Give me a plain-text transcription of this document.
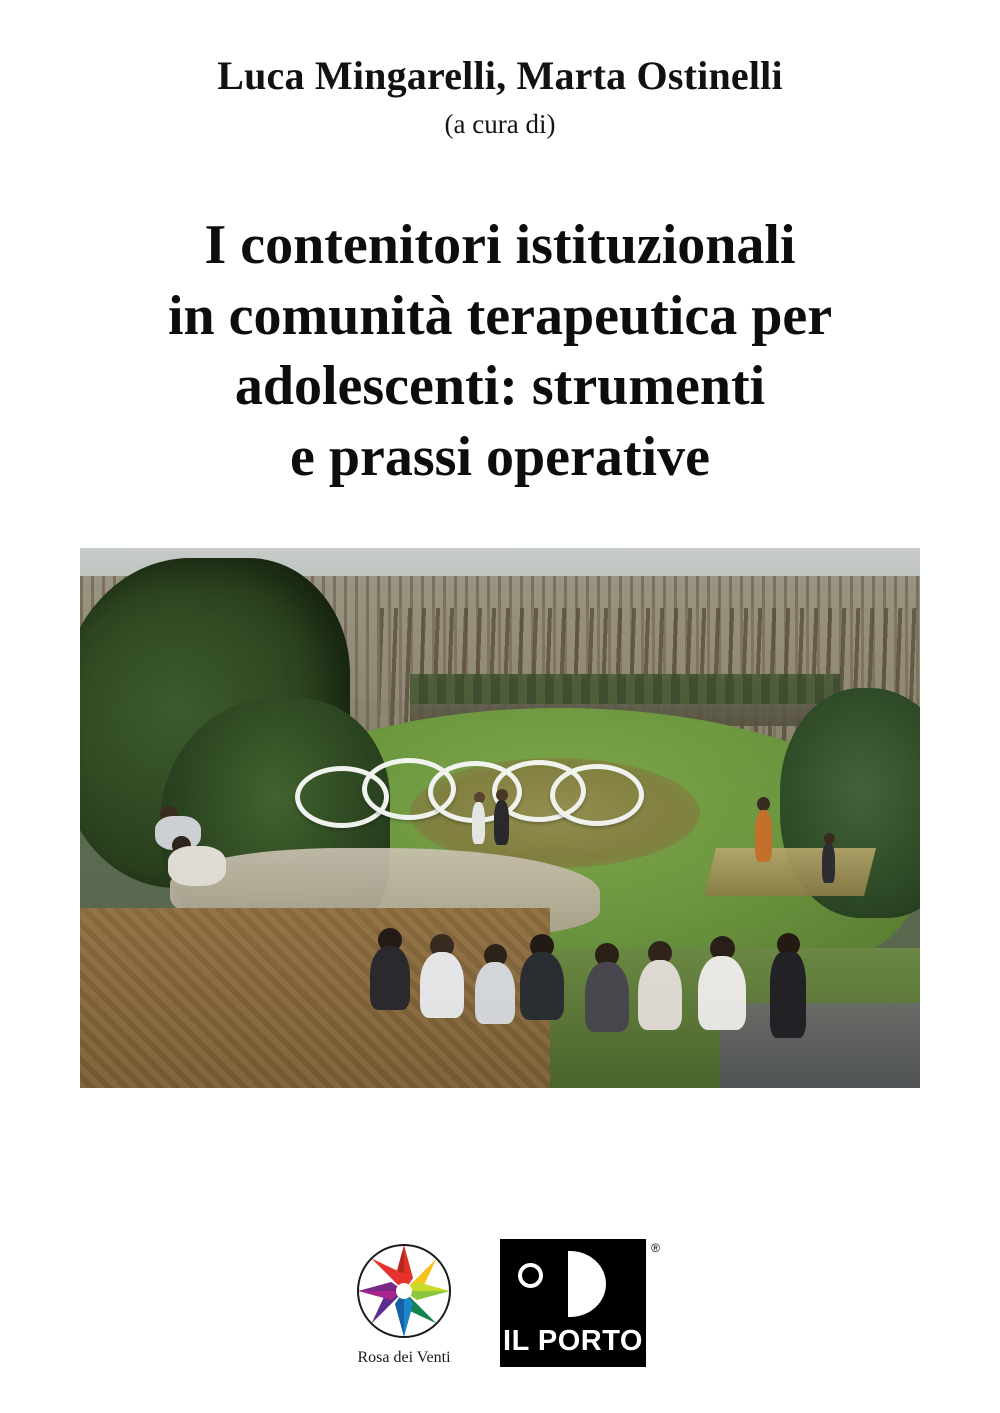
Luca Mingarelli, Marta Ostinelli
(a cura di)
I contenitori istituzionali
in comunità terapeutica per
adolescenti: strumenti
e prassi operative
Rosa dei Venti
IL PORTO
®
